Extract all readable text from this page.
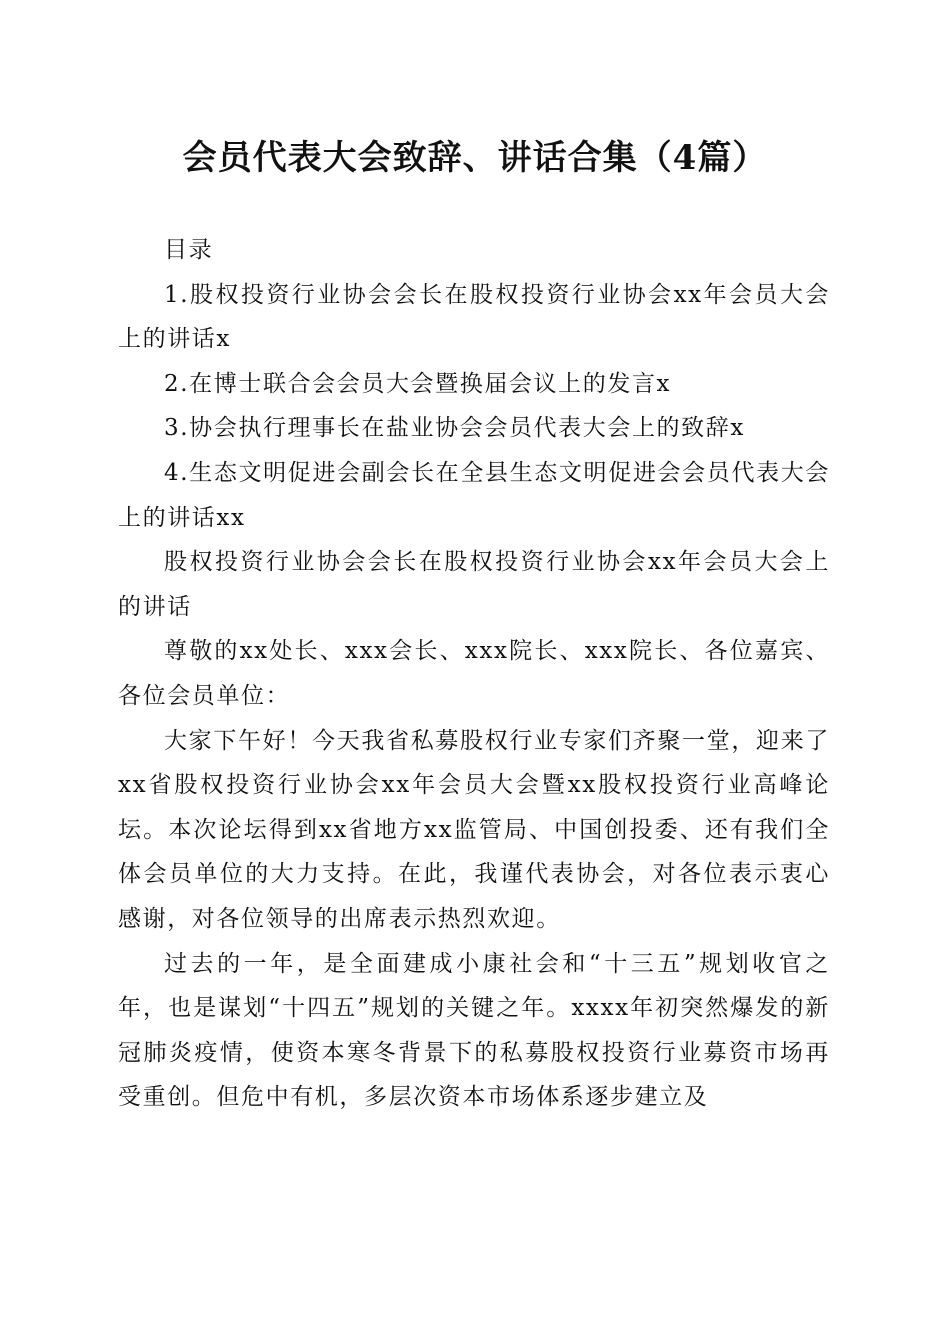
会员代表大会致辞、讲话合集（4篇）

目录

1.股权投资行业协会会长在股权投资行业协会xx年会员大会上的讲话x

2.在博士联合会会员大会暨换届会议上的发言x

3.协会执行理事长在盐业协会会员代表大会上的致辞x

4.生态文明促进会副会长在全县生态文明促进会会员代表大会上的讲话xx

股权投资行业协会会长在股权投资行业协会xx年会员大会上的讲话

尊敬的xx处长、xxx会长、xxx院长、xxx院长、各位嘉宾、各位会员单位：

大家下午好！今天我省私募股权行业专家们齐聚一堂，迎来了xx省股权投资行业协会xx年会员大会暨xx股权投资行业高峰论坛。本次论坛得到xx省地方xx监管局、中国创投委、还有我们全体会员单位的大力支持。在此，我谨代表协会，对各位表示衷心感谢，对各位领导的出席表示热烈欢迎。

过去的一年，是全面建成小康社会和“十三五”规划收官之年，也是谋划“十四五”规划的关键之年。xxxx年初突然爆发的新冠肺炎疫情，使资本寒冬背景下的私募股权投资行业募资市场再受重创。但危中有机，多层次资本市场体系逐步建立及
